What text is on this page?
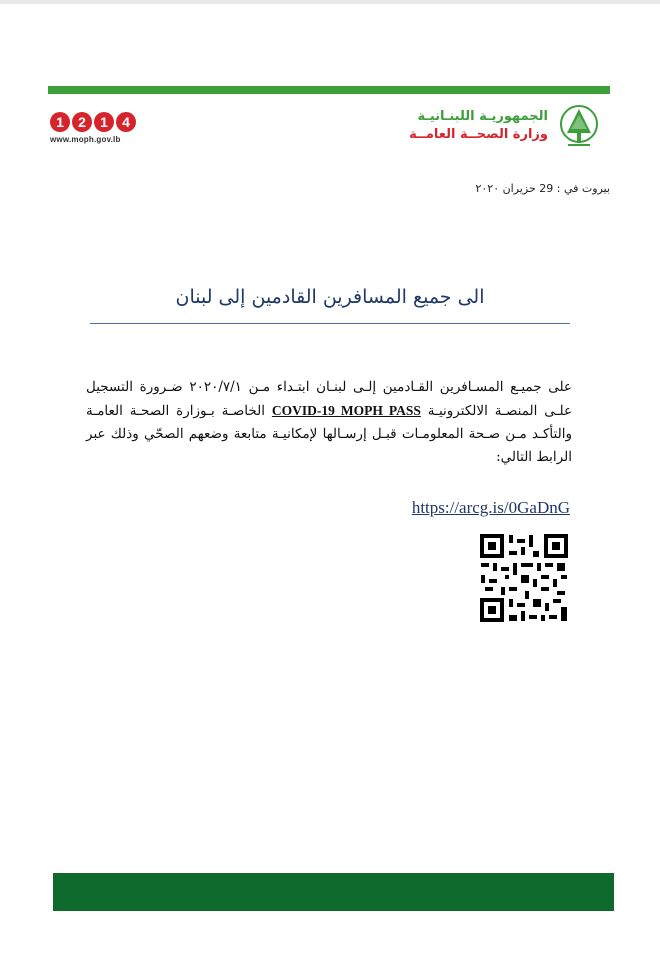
1	2	1	4
www.moph.gov.lb
الجمهوريـة اللبنـانيـة
وزارة الصحــة العامــة
بيروت في : 29 حزيران ٢٠٢٠
الى جميع المسافرين القادمين إلى لبنان
على جميـع المسـافرين القـادمين إلـى لبنـان ابتـداء مـن ٢٠٢٠/٧/١ ضـرورة التسجيل علـى المنصـة الالكترونيـة COVID-19 MOPH PASS الخاصـة بـوزارة الصحـة العامـة والتأكـد مـن صـحة المعلومـات قبـل إرسـالها لإمكانيـة متابعة وضعهم الصحّي وذلك عبر الرابط التالي:
https://arcg.is/0GaDnG
